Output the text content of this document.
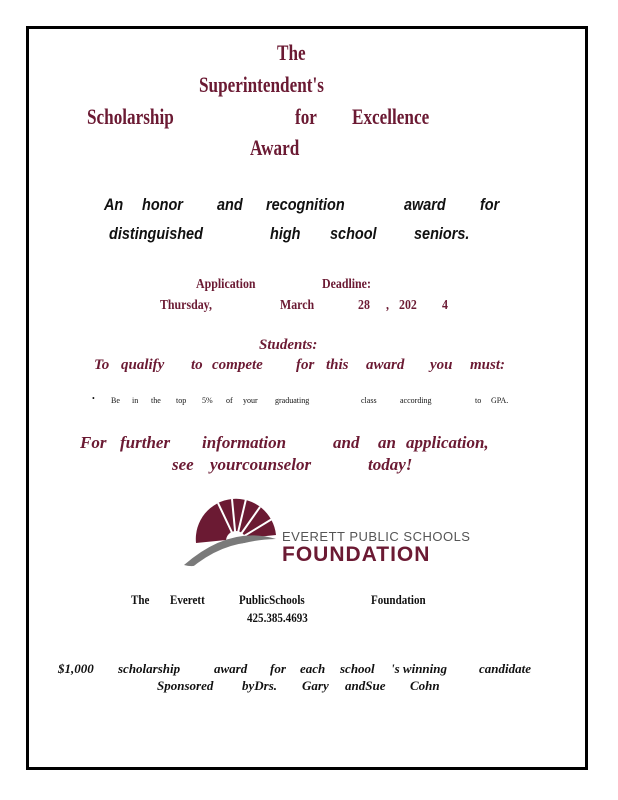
The
Superintendent's
Scholarship	for Excellence
Award
An honor and recognition	award for
distinguished	high school seniors.
Application	Deadline:
Thursday,	March	28 , 202 4
Students:
To qualify to compete for this award you must:
• Be in the top 5% of your graduating	class	according	to GPA.
For further information	and an application,
see yourcounselor	today!
EVERETT PUBLIC SCHOOLS
FOUNDATION
The Everett	PublicSchools	Foundation
425.385.4693
$1,000 scholarship	award for each school 's winning candidate
Sponsored byDrs. Gary andSue Cohn
